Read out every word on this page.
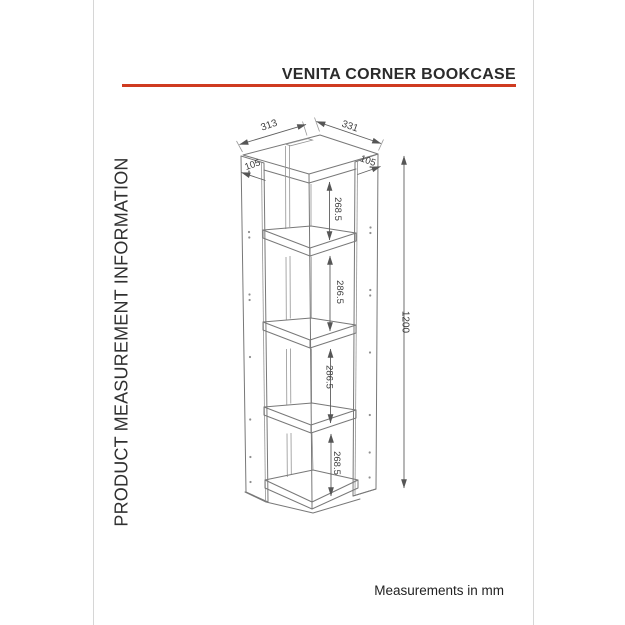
VENITA CORNER BOOKCASE
PRODUCT MEASUREMENT INFORMATION
313	331
105	105
268.5
286.5
286.5
268.5
1200
Measurements in mm
